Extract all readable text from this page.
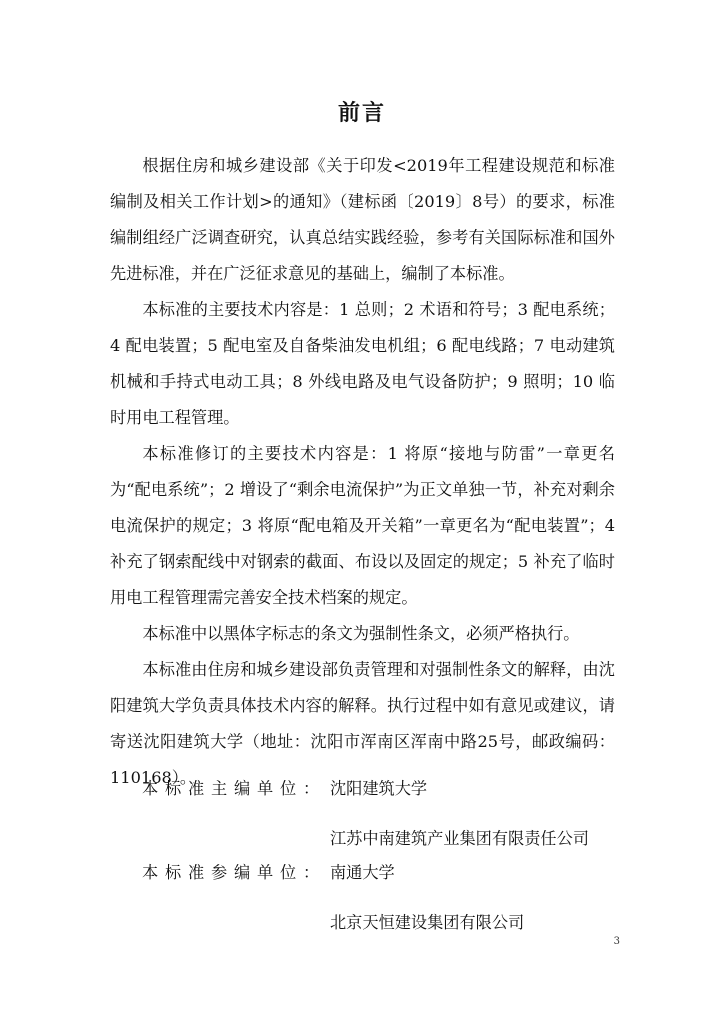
前言

根据住房和城乡建设部《关于印发<2019年工程建设规范和标准编制及相关工作计划>的通知》（建标函〔2019〕8号）的要求，标准编制组经广泛调查研究，认真总结实践经验，参考有关国际标准和国外先进标准，并在广泛征求意见的基础上，编制了本标准。

本标准的主要技术内容是：1 总则；2 术语和符号；3 配电系统；4 配电装置；5 配电室及自备柴油发电机组；6 配电线路；7 电动建筑机械和手持式电动工具；8 外线电路及电气设备防护；9 照明；10 临时用电工程管理。

本标准修订的主要技术内容是：1 将原“接地与防雷”一章更名为“配电系统”；2 增设了“剩余电流保护”为正文单独一节，补充对剩余电流保护的规定；3 将原“配电箱及开关箱”一章更名为“配电装置”；4 补充了钢索配线中对钢索的截面、布设以及固定的规定；5 补充了临时用电工程管理需完善安全技术档案的规定。

本标准中以黑体字标志的条文为强制性条文，必须严格执行。

本标准由住房和城乡建设部负责管理和对强制性条文的解释，由沈阳建筑大学负责具体技术内容的解释。执行过程中如有意见或建议，请寄送沈阳建筑大学（地址：沈阳市浑南区浑南中路25号，邮政编码：110168）。

本标准主编单位： 沈阳建筑大学
江苏中南建筑产业集团有限责任公司
本标准参编单位： 南通大学
北京天恒建设集团有限公司
3
